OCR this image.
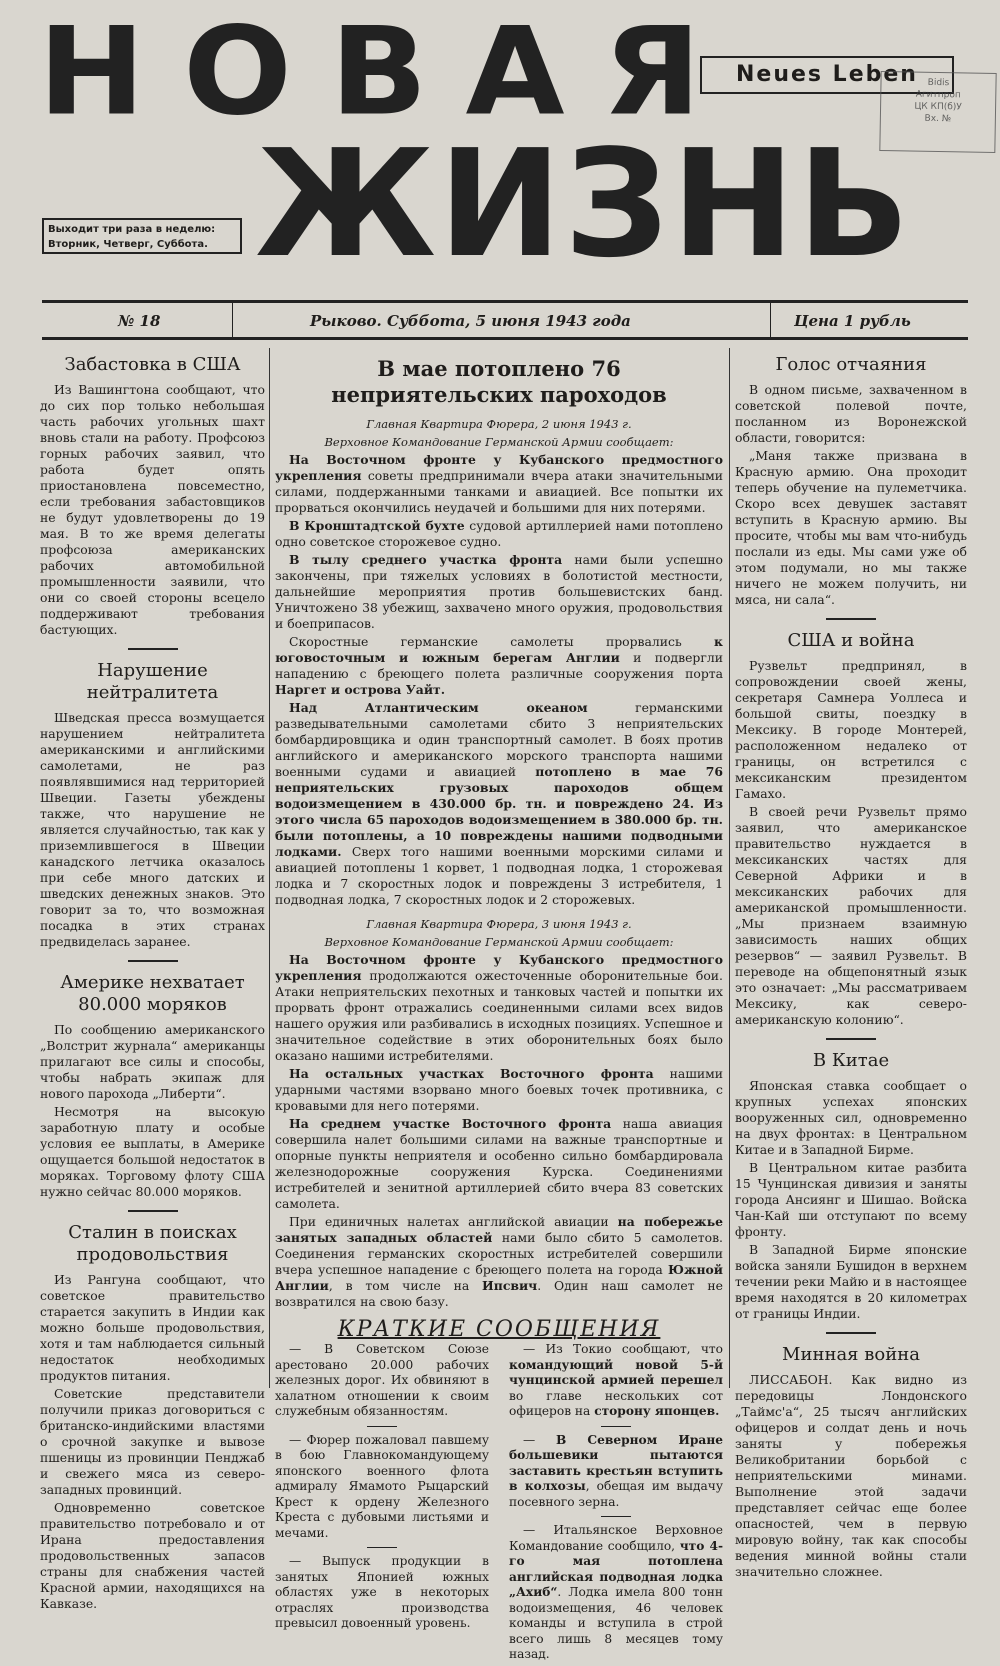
НОВАЯ
ЖИЗНЬ
Neues Leben	Bidis
Агитпроп
ЦК КП(б)У
Вх. №
Выходит три раза в неделю:
Вторник, Четверг, Суббота.
№ 18	Рыково. Суббота, 5 июня 1943 года	Цена 1 рубль
Забастовка в США

Из Вашингтона сообщают, что до сих пор только небольшая часть рабочих угольных шахт вновь стали на работу. Профсоюз горных рабочих заявил, что работа будет опять приостановлена повсеместно, если требования забастовщиков не будут удовлетворены до 19 мая. В то же время делегаты профсоюза американских рабочих автомобильной промышленности заявили, что они со своей стороны всецело поддерживают требования бастующих.

Нарушение нейтралитета

Шведская пресса возмущается нарушением нейтралитета американскими и английскими самолетами, не раз появлявшимися над территорией Швеции. Газеты убеждены также, что нарушение не является случайностью, так как у приземлившегося в Швеции канадского летчика оказалось при себе много датских и шведских денежных знаков. Это говорит за то, что возможная посадка в этих странах предвиделась заранее.

Америке нехватает 80.000 моряков

По сообщению американского „Волстрит журнала“ американцы прилагают все силы и способы, чтобы набрать экипаж для нового парохода „Либерти“.

Несмотря на высокую заработную плату и особые условия ее выплаты, в Америке ощущается большой недостаток в моряках. Торговому флоту США нужно сейчас 80.000 моряков.

Сталин в поисках продовольствия

Из Рангуна сообщают, что советское правительство старается закупить в Индии как можно больше продовольствия, хотя и там наблюдается сильный недостаток необходимых продуктов питания.

Советские представители получили приказ договориться с британско-индийскими властями о срочной закупке и вывозе пшеницы из провинции Пенджаб и свежего мяса из северо-западных провинций.

Одновременно советское правительство потребовало и от Ирана предоставления продовольственных запасов страны для снабжения частей Красной армии, находящихся на Кавказе.

В мае потоплено 76 неприятельских пароходов

Главная Квартира Фюрера, 2 июня 1943 г.

Верховное Командование Германской Армии сообщает:

На Восточном фронте у Кубанского предмостного укрепления советы предпринимали вчера атаки значительными силами, поддержанными танками и авиацией. Все попытки их прорваться окончились неудачей и большими для них потерями.

В Кронштадтской бухте судовой артиллерией нами потоплено одно советское сторожевое судно.

В тылу среднего участка фронта нами были успешно закончены, при тяжелых условиях в болотистой местности, дальнейшие мероприятия против большевистских банд. Уничтожено 38 убежищ, захвачено много оружия, продовольствия и боеприпасов.

Скоростные германские самолеты прорвались к юговосточным и южным берегам Англии и подвергли нападению с бреющего полета различные сооружения порта Наргет и острова Уайт.

Над Атлантическим океаном германскими разведывательными самолетами сбито 3 неприятельских бомбардировщика и один транспортный самолет. В боях против английского и американского морского транспорта нашими военными судами и авиацией потоплено в мае 76 неприятельских грузовых пароходов общем водоизмещением в 430.000 бр. тн. и повреждено 24. Из этого числа 65 пароходов водоизмещением в 380.000 бр. тн. были потоплены, а 10 повреждены нашими подводными лодками. Сверх того нашими военными морскими силами и авиацией потоплены 1 корвет, 1 подводная лодка, 1 сторожевая лодка и 7 скоростных лодок и повреждены 3 истребителя, 1 подводная лодка, 7 скоростных лодок и 2 сторожевых.

Главная Квартира Фюрера, 3 июня 1943 г.

Верховное Командование Германской Армии сообщает:

На Восточном фронте у Кубанского предмостного укрепления продолжаются ожесточенные оборонительные бои. Атаки неприятельских пехотных и танковых частей и попытки их прорвать фронт отражались соединенными силами всех видов нашего оружия или разбивались в исходных позициях. Успешное и значительное содействие в этих оборонительных боях было оказано нашими истребителями.

На остальных участках Восточного фронта нашими ударными частями взорвано много боевых точек противника, с кровавыми для него потерями.

На среднем участке Восточного фронта наша авиация совершила налет большими силами на важные транспортные и опорные пункты неприятеля и особенно сильно бомбардировала железнодорожные сооружения Курска. Соединениями истребителей и зенитной артиллерией сбито вчера 83 советских самолета.

При единичных налетах английской авиации на побережье занятых западных областей нами было сбито 5 самолетов. Соединения германских скоростных истребителей совершили вчера успешное нападение с бреющего полета на города Южной Англии, в том числе на Ипсвич. Один наш самолет не возвратился на свою базу.

КРАТКИЕ СООБЩЕНИЯ

— В Советском Союзе арестовано 20.000 рабочих железных дорог. Их обвиняют в халатном отношении к своим служебным обязанностям.

— Фюрер пожаловал павшему в бою Главнокомандующему японского военного флота адмиралу Ямамото Рыцарский Крест к ордену Железного Креста с дубовыми листьями и мечами.

— Выпуск продукции в занятых Японией южных областях уже в некоторых отраслях производства превысил довоенный уровень.

— Из Токио сообщают, что командующий новой 5-й чунцинской армией перешел во главе нескольких сот офицеров на сторону японцев.

— В Северном Иране большевики пытаются заставить крестьян вступить в колхозы, обещая им выдачу посевного зерна.

— Итальянское Верховное Командование сообщило, что 4-го мая потоплена английская подводная лодка „Ахиб“. Лодка имела 800 тонн водоизмещения, 46 человек команды и вступила в строй всего лишь 8 месяцев тому назад.

Голос отчаяния

В одном письме, захваченном в советской полевой почте, посланном из Воронежской области, говорится:

„Маня также призвана в Красную армию. Она проходит теперь обучение на пулеметчика. Скоро всех девушек заставят вступить в Красную армию. Вы просите, чтобы мы вам что-нибудь послали из еды. Мы сами уже об этом подумали, но мы также ничего не можем получить, ни мяса, ни сала“.

США и война

Рузвельт предпринял, в сопровождении своей жены, секретаря Самнера Уоллеса и большой свиты, поездку в Мексику. В городе Монтерей, расположенном недалеко от границы, он встретился с мексиканским президентом Гамахо.

В своей речи Рузвельт прямо заявил, что американское правительство нуждается в мексиканских частях для Северной Африки и в мексиканских рабочих для американской промышленности. „Мы признаем взаимную зависимость наших общих резервов“ — заявил Рузвельт. В переводе на общепонятный язык это означает: „Мы рассматриваем Мексику, как северо-американскую колонию“.

В Китае

Японская ставка сообщает о крупных успехах японских вооруженных сил, одновременно на двух фронтах: в Центральном Китае и в Западной Бирме.

В Центральном китае разбита 15 Чунцинская дивизия и заняты города Ансиянг и Шишао. Войска Чан-Кай ши отступают по всему фронту.

В Западной Бирме японские войска заняли Бушидон в верхнем течении реки Майю и в настоящее время находятся в 20 километрах от границы Индии.

Минная война

ЛИССАБОН. Как видно из передовицы Лондонского „Таймс'а“, 25 тысяч английских офицеров и солдат день и ночь заняты у побережья Великобритании борьбой с неприятельскими минами. Выполнение этой задачи представляет сейчас еще более опасностей, чем в первую мировую войну, так как способы ведения минной войны стали значительно сложнее.
